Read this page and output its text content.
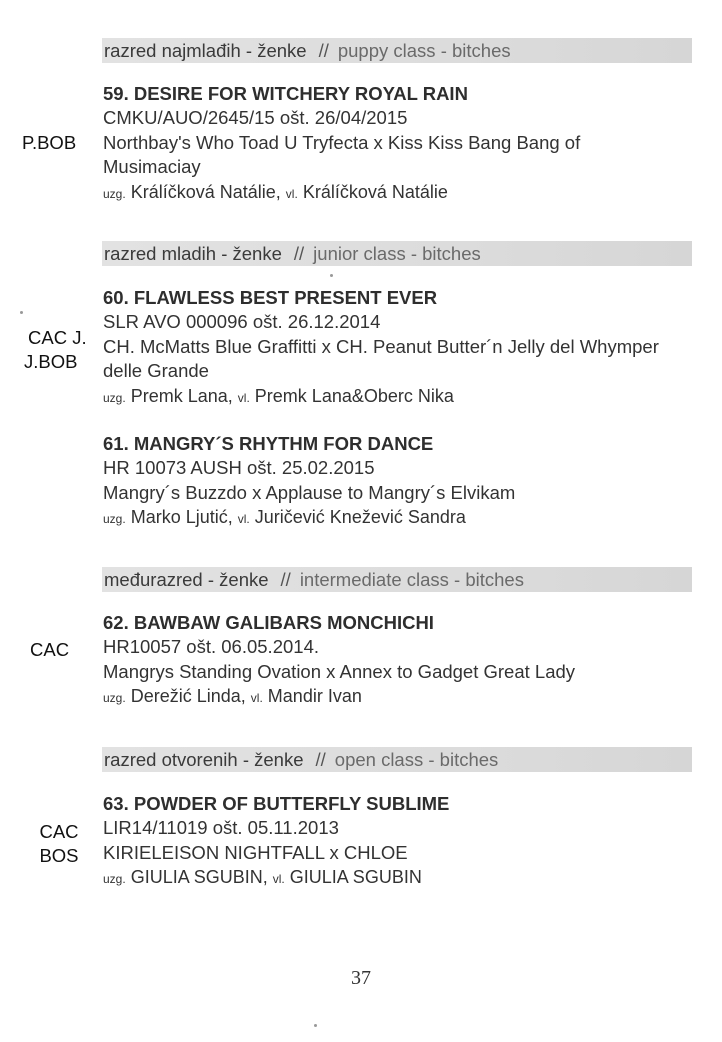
razred najmlađih - ženke // puppy class - bitches
P.BOB
59. DESIRE FOR WITCHERY ROYAL RAIN
CMKU/AUO/2645/15 ošt. 26/04/2015
Northbay's Who Toad U Tryfecta x Kiss Kiss Bang Bang of Musimaciay
uzg. Králíčková Natálie, vl. Králíčková Natálie
razred mladih - ženke // junior class - bitches
CAC J.
J.BOB
60. FLAWLESS BEST PRESENT EVER
SLR AVO 000096 ošt. 26.12.2014
CH. McMatts Blue Graffitti x CH. Peanut Butter´n Jelly del Whymper delle Grande
uzg. Premk Lana, vl. Premk Lana&Oberc Nika
61. MANGRY´S RHYTHM FOR DANCE
HR 10073 AUSH ošt. 25.02.2015
Mangry´s Buzzdo x Applause to Mangry´s Elvikam
uzg. Marko Ljutić, vl. Juričević Knežević Sandra
međurazred - ženke // intermediate class - bitches
CAC
62. BAWBAW GALIBARS MONCHICHI
HR10057 ošt. 06.05.2014.
Mangrys Standing Ovation x Annex to Gadget Great Lady
uzg. Derežić Linda, vl. Mandir Ivan
razred otvorenih - ženke // open class - bitches
CAC
BOS
63. POWDER OF BUTTERFLY SUBLIME
LIR14/11019 ošt. 05.11.2013
KIRIELEISON NIGHTFALL x CHLOE
uzg. GIULIA SGUBIN, vl. GIULIA SGUBIN
37
